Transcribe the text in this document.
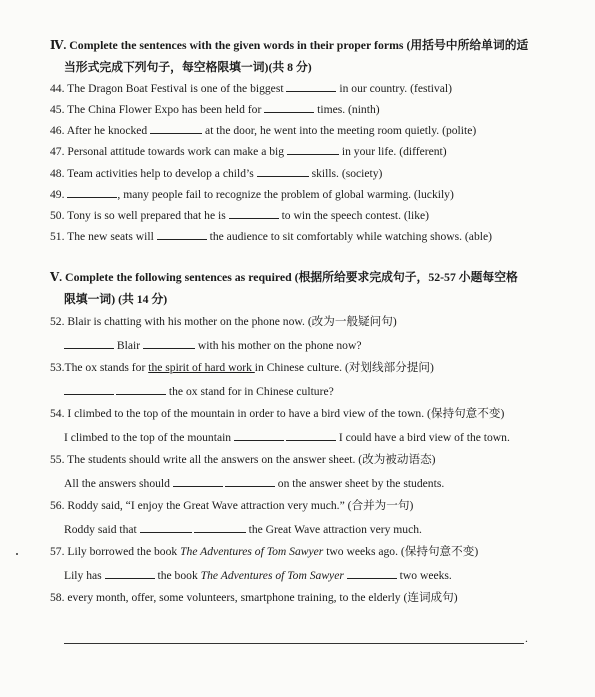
Ⅳ. Complete the sentences with the given words in their proper forms (用括号中所给单词的适
当形式完成下列句子，每空格限填一词)(共 8 分)
44. The Dragon Boat Festival is one of the biggest	in our country. (festival)
45. The China Flower Expo has been held for	times. (ninth)
46. After he knocked	at the door, he went into the meeting room quietly. (polite)
47. Personal attitude towards work can make a big	in your life. (different)
48. Team activities help to develop a child’s	skills. (society)
49.	, many people fail to recognize the problem of global warming. (luckily)
50. Tony is so well prepared that he is	to win the speech contest. (like)
51. The new seats will	the audience to sit comfortably while watching shows. (able)
Ⅴ. Complete the following sentences as required (根据所给要求完成句子，52-57 小题每空格
限填一词) (共 14 分)
52. Blair is chatting with his mother on the phone now. (改为一般疑问句)
Blair	with his mother on the phone now?
53.The ox stands for the spirit of hard work in Chinese culture. (对划线部分提问)
the ox stand for in Chinese culture?
54. I climbed to the top of the mountain in order to have a bird view of the town. (保持句意不变)
I climbed to the top of the mountain	I could have a bird view of the town.
55. The students should write all the answers on the answer sheet. (改为被动语态)
All the answers should	on the answer sheet by the students.
56. Roddy said, “I enjoy the Great Wave attraction very much.” (合并为一句)
Roddy said that	the Great Wave attraction very much.
57. Lily borrowed the book The Adventures of Tom Sawyer two weeks ago. (保持句意不变)
Lily has	the book The Adventures of Tom Sawyer	two weeks.
58. every month, offer, some volunteers, smartphone training, to the elderly (连词成句)
.
